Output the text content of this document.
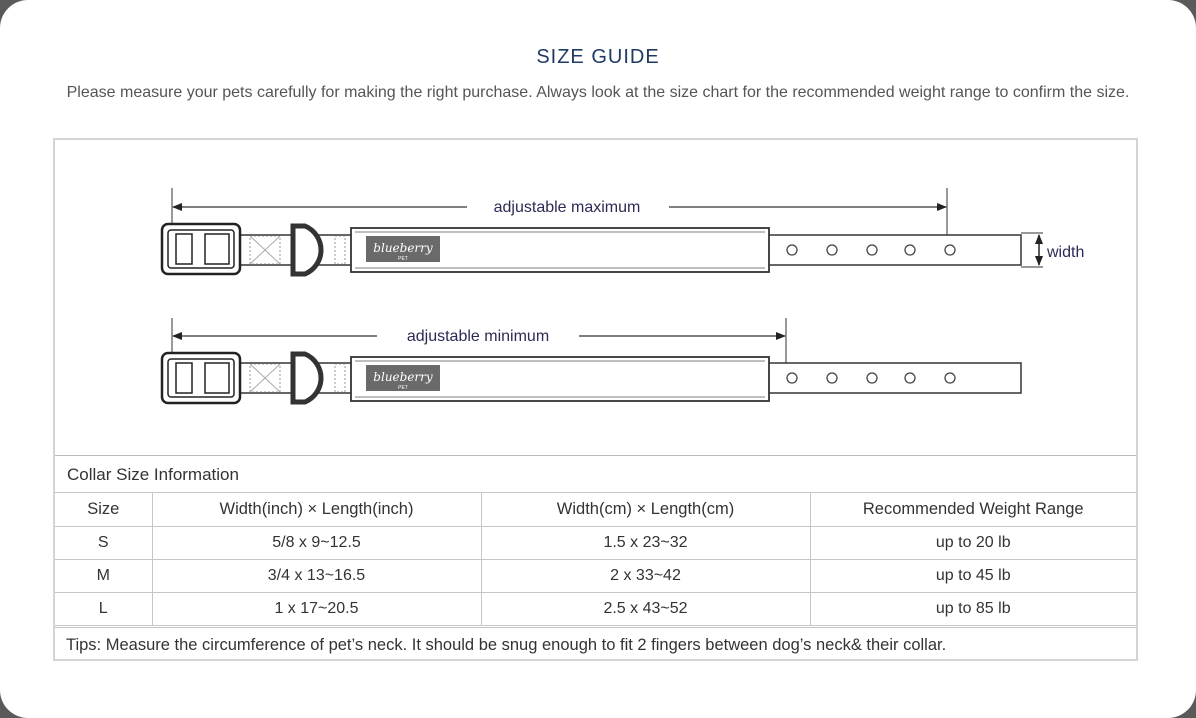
SIZE GUIDE
Please measure your pets carefully for making the right purchase. Always look at the size chart for the recommended weight range to confirm the size.
adjustable maximum
blueberry
PET	width
adjustable minimum
blueberry
PET
Collar Size Information
Size	Width(inch) × Length(inch)	Width(cm) × Length(cm)	Recommended Weight Range
S	5/8 x 9~12.5	1.5 x 23~32	up to 20 lb
M	3/4 x 13~16.5	2 x 33~42	up to 45 lb
L	1 x 17~20.5	2.5 x 43~52	up to 85 lb
Tips: Measure the circumference of pet’s neck. It should be snug enough to fit 2 fingers between dog’s neck& their collar.
